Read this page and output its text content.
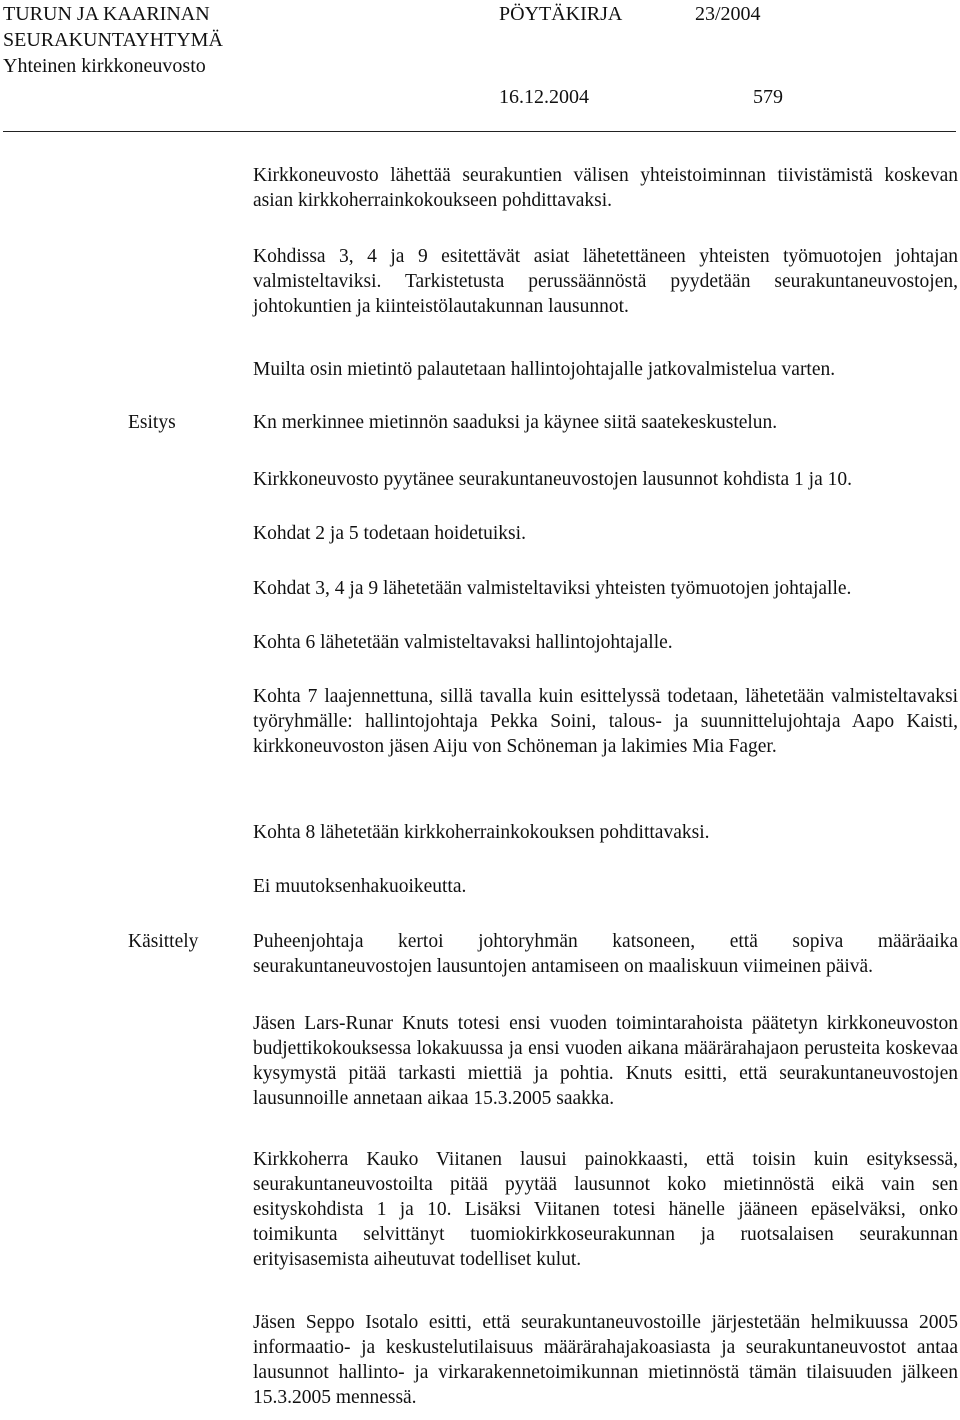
TURUN JA KAARINAN
SEURAKUNTAYHTYMÄ
Yhteinen kirkkoneuvosto
PÖYTÄKIRJA	23/2004
16.12.2004	579

Kirkkoneuvosto lähettää seurakuntien välisen yhteistoiminnan tiivistämistä koskevan asian kirkkoherrainkokoukseen pohdittavaksi.

Kohdissa 3, 4 ja 9 esitettävät asiat lähetettäneen yhteisten työmuotojen johtajan valmisteltaviksi. Tarkistetusta perussäännöstä pyydetään seurakuntaneuvostojen, johtokuntien ja kiinteistölautakunnan lausunnot.

Muilta osin mietintö palautetaan hallintojohtajalle jatkovalmistelua varten.

Esitys	Kn merkinnee mietinnön saaduksi ja käynee siitä saatekeskustelun.

Kirkkoneuvosto pyytänee seurakuntaneuvostojen lausunnot kohdista 1 ja 10.

Kohdat 2 ja 5 todetaan hoidetuiksi.

Kohdat 3, 4 ja 9 lähetetään valmisteltaviksi yhteisten työmuotojen johtajalle.

Kohta 6 lähetetään valmisteltavaksi hallintojohtajalle.

Kohta 7 laajennettuna, sillä tavalla kuin esittelyssä todetaan, lähetetään valmisteltavaksi työryhmälle: hallintojohtaja Pekka Soini, talous- ja suunnittelujohtaja Aapo Kaisti, kirkkoneuvoston jäsen Aiju von Schöneman ja lakimies Mia Fager.

Kohta 8 lähetetään kirkkoherrainkokouksen pohdittavaksi.

Ei muutoksenhakuoikeutta.

Käsittely	Puheenjohtaja kertoi johtoryhmän katsoneen, että sopiva määräaika seurakuntaneuvostojen lausuntojen antamiseen on maaliskuun viimeinen päivä.

Jäsen Lars-Runar Knuts totesi ensi vuoden toimintarahoista päätetyn kirkkoneuvoston budjettikokouksessa lokakuussa ja ensi vuoden aikana määrärahajaon perusteita koskevaa kysymystä pitää tarkasti miettiä ja pohtia. Knuts esitti, että seurakuntaneuvostojen lausunnoille annetaan aikaa 15.3.2005 saakka.

Kirkkoherra Kauko Viitanen lausui painokkaasti, että toisin kuin esityksessä, seurakuntaneuvostoilta pitää pyytää lausunnot koko mietinnöstä eikä vain sen esityskohdista 1 ja 10. Lisäksi Viitanen totesi hänelle jääneen epäselväksi, onko toimikunta selvittänyt tuomiokirkkoseurakunnan ja ruotsalaisen seurakunnan erityisasemista aiheutuvat todelliset kulut.

Jäsen Seppo Isotalo esitti, että seurakuntaneuvostoille järjestetään helmikuussa 2005 informaatio- ja keskustelutilaisuus määrärahajakoasiasta ja seurakuntaneuvostot antaa lausunnot hallinto- ja virkarakennetoimikunnan mietinnöstä tämän tilaisuuden jälkeen 15.3.2005 mennessä.
